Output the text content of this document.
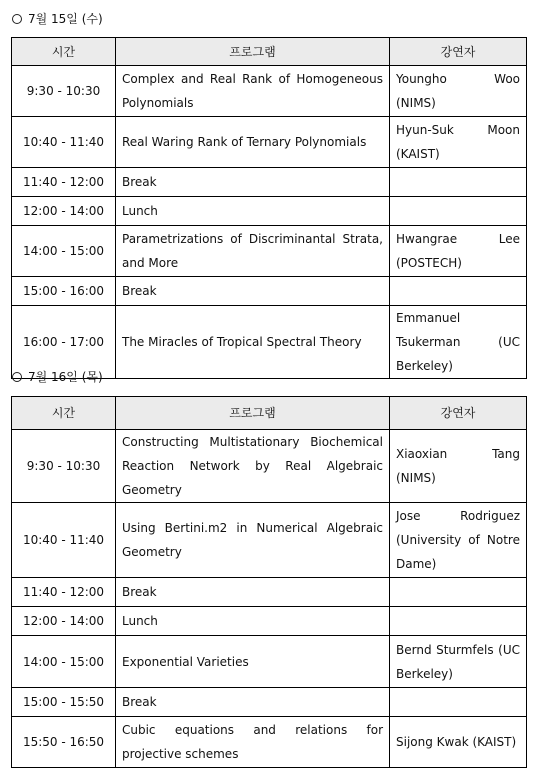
7월 15일 (수)
시간	프로그램	강연자
9:30 - 10:30	Complex and Real Rank of Homogeneous Polynomials	Youngho Woo (NIMS)
10:40 - 11:40	Real Waring Rank of Ternary Polynomials	Hyun-Suk Moon (KAIST)
11:40 - 12:00	Break	
12:00 - 14:00	Lunch	
14:00 - 15:00	Parametrizations of Discriminantal Strata, and More	Hwangrae Lee (POSTECH)
15:00 - 16:00	Break	
16:00 - 17:00	The Miracles of Tropical Spectral Theory	Emmanuel Tsukerman (UC Berkeley)
7월 16일 (목)
시간	프로그램	강연자
9:30 - 10:30	Constructing Multistationary Biochemical Reaction Network by Real Algebraic Geometry	Xiaoxian Tang (NIMS)
10:40 - 11:40	Using Bertini.m2 in Numerical Algebraic Geometry	Jose Rodriguez (University of Notre Dame)
11:40 - 12:00	Break	
12:00 - 14:00	Lunch	
14:00 - 15:00	Exponential Varieties	Bernd Sturmfels (UC Berkeley)
15:00 - 15:50	Break	
15:50 - 16:50	Cubic equations and relations for projective schemes	Sijong Kwak (KAIST)
